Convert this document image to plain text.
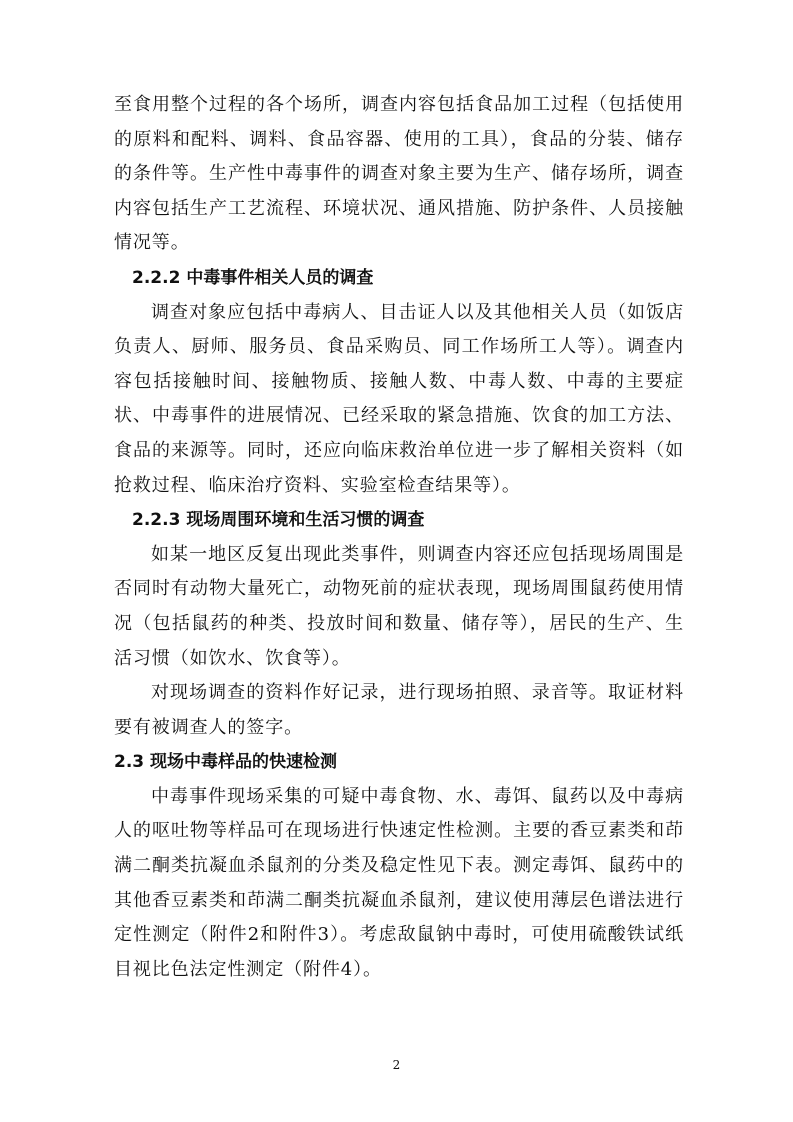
至食用整个过程的各个场所，调查内容包括食品加工过程（包括使用的原料和配料、调料、食品容器、使用的工具），食品的分装、储存的条件等。生产性中毒事件的调查对象主要为生产、储存场所，调查内容包括生产工艺流程、环境状况、通风措施、防护条件、人员接触情况等。

2.2.2 中毒事件相关人员的调查

调查对象应包括中毒病人、目击证人以及其他相关人员（如饭店负责人、厨师、服务员、食品采购员、同工作场所工人等）。调查内容包括接触时间、接触物质、接触人数、中毒人数、中毒的主要症状、中毒事件的进展情况、已经采取的紧急措施、饮食的加工方法、食品的来源等。同时，还应向临床救治单位进一步了解相关资料（如抢救过程、临床治疗资料、实验室检查结果等）。

2.2.3 现场周围环境和生活习惯的调查

如某一地区反复出现此类事件，则调查内容还应包括现场周围是否同时有动物大量死亡，动物死前的症状表现，现场周围鼠药使用情况（包括鼠药的种类、投放时间和数量、储存等），居民的生产、生活习惯（如饮水、饮食等）。

对现场调查的资料作好记录，进行现场拍照、录音等。取证材料要有被调查人的签字。

2.3 现场中毒样品的快速检测

中毒事件现场采集的可疑中毒食物、水、毒饵、鼠药以及中毒病人的呕吐物等样品可在现场进行快速定性检测。主要的香豆素类和茚满二酮类抗凝血杀鼠剂的分类及稳定性见下表。测定毒饵、鼠药中的其他香豆素类和茚满二酮类抗凝血杀鼠剂，建议使用薄层色谱法进行定性测定（附件2和附件3）。考虑敌鼠钠中毒时，可使用硫酸铁试纸目视比色法定性测定（附件4）。

2
